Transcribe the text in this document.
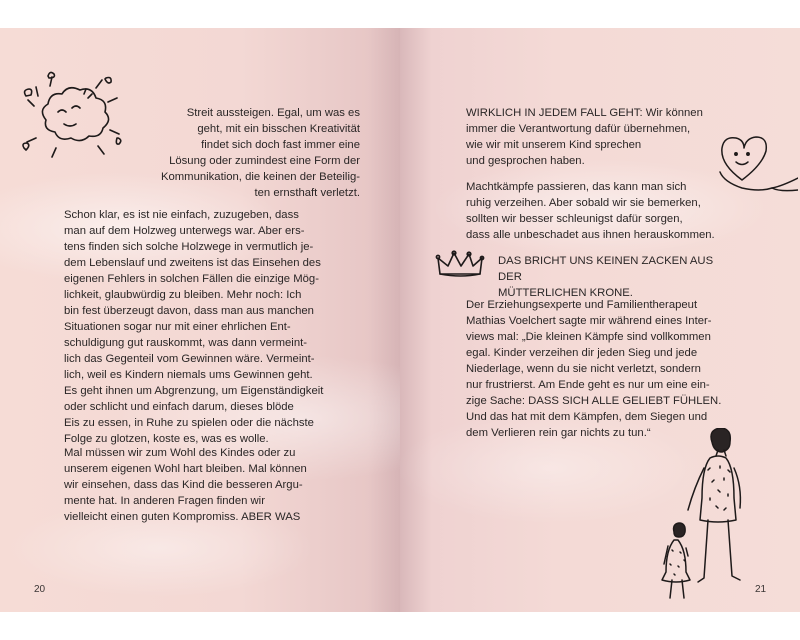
Streit aussteigen. Egal, um was es
geht, mit ein bisschen Kreativität
findet sich doch fast immer eine
Lösung oder zumindest eine Form der
Kommunikation, die keinen der Beteilig-
ten ernsthaft verletzt.

Schon klar, es ist nie einfach, zuzugeben, dass
man auf dem Holzweg unterwegs war. Aber ers-
tens finden sich solche Holzwege in vermutlich je-
dem Lebenslauf und zweitens ist das Einsehen des
eigenen Fehlers in solchen Fällen die einzige Mög-
lichkeit, glaubwürdig zu bleiben. Mehr noch: Ich
bin fest überzeugt davon, dass man aus manchen
Situationen sogar nur mit einer ehrlichen Ent-
schuldigung gut rauskommt, was dann vermeint-
lich das Gegenteil vom Gewinnen wäre. Vermeint-
lich, weil es Kindern niemals ums Gewinnen geht.
Es geht ihnen um Abgrenzung, um Eigenständigkeit
oder schlicht und einfach darum, dieses blöde
Eis zu essen, in Ruhe zu spielen oder die nächste
Folge zu glotzen, koste es, was es wolle.

Mal müssen wir zum Wohl des Kindes oder zu
unserem eigenen Wohl hart bleiben. Mal können
wir einsehen, dass das Kind die besseren Argu-
mente hat. In anderen Fragen finden wir
vielleicht einen guten Kompromiss. ABER WAS

20

WIRKLICH IN JEDEM FALL GEHT: Wir können
immer die Verantwortung dafür übernehmen,
wie wir mit unserem Kind sprechen
und gesprochen haben.

Machtkämpfe passieren, das kann man sich
ruhig verzeihen. Aber sobald wir sie bemerken,
sollten wir besser schleunigst dafür sorgen,
dass alle unbeschadet aus ihnen herauskommen.

DAS BRICHT UNS KEINEN ZACKEN AUS DER
MÜTTERLICHEN KRONE.

Der Erziehungsexperte und Familientherapeut
Mathias Voelchert sagte mir während eines Inter-
views mal: „Die kleinen Kämpfe sind vollkommen
egal. Kinder verzeihen dir jeden Sieg und jede
Niederlage, wenn du sie nicht verletzt, sondern
nur frustrierst. Am Ende geht es nur um eine ein-
zige Sache: DASS SICH ALLE GELIEBT FÜHLEN.
Und das hat mit dem Kämpfen, dem Siegen und
dem Verlieren rein gar nichts zu tun.“

21
